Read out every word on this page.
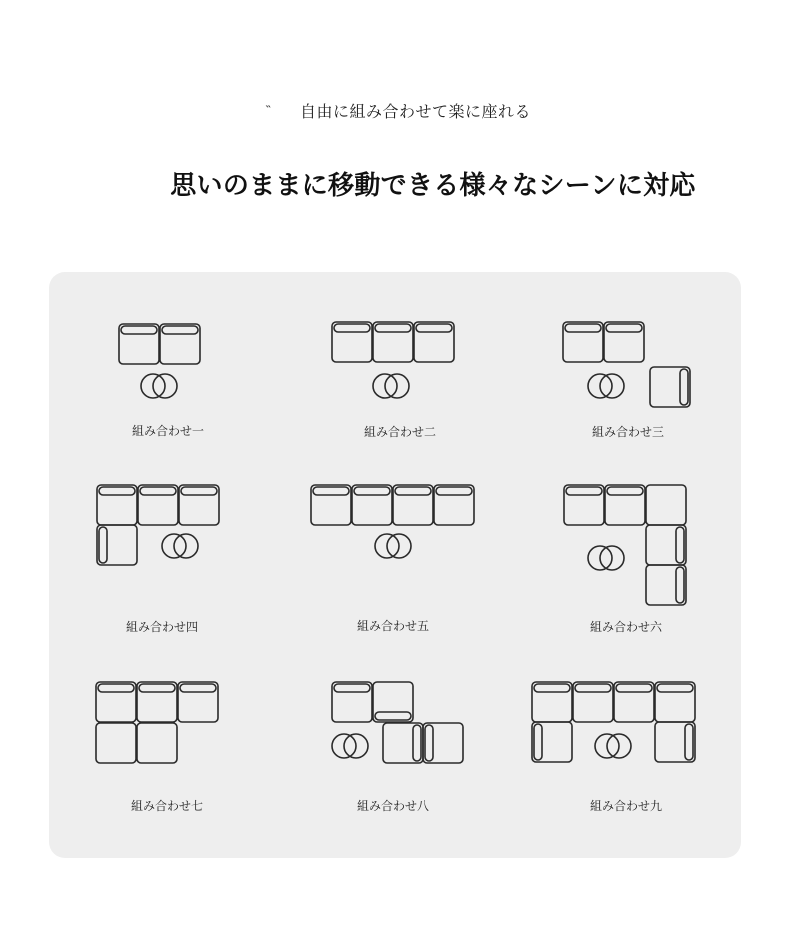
˵ 自由に組み合わせて楽に座れる
思いのままに移動できる様々なシーンに対応
組み合わせ一	組み合わせ二	組み合わせ三
組み合わせ四	組み合わせ五	組み合わせ六
組み合わせ七	組み合わせ八	組み合わせ九
